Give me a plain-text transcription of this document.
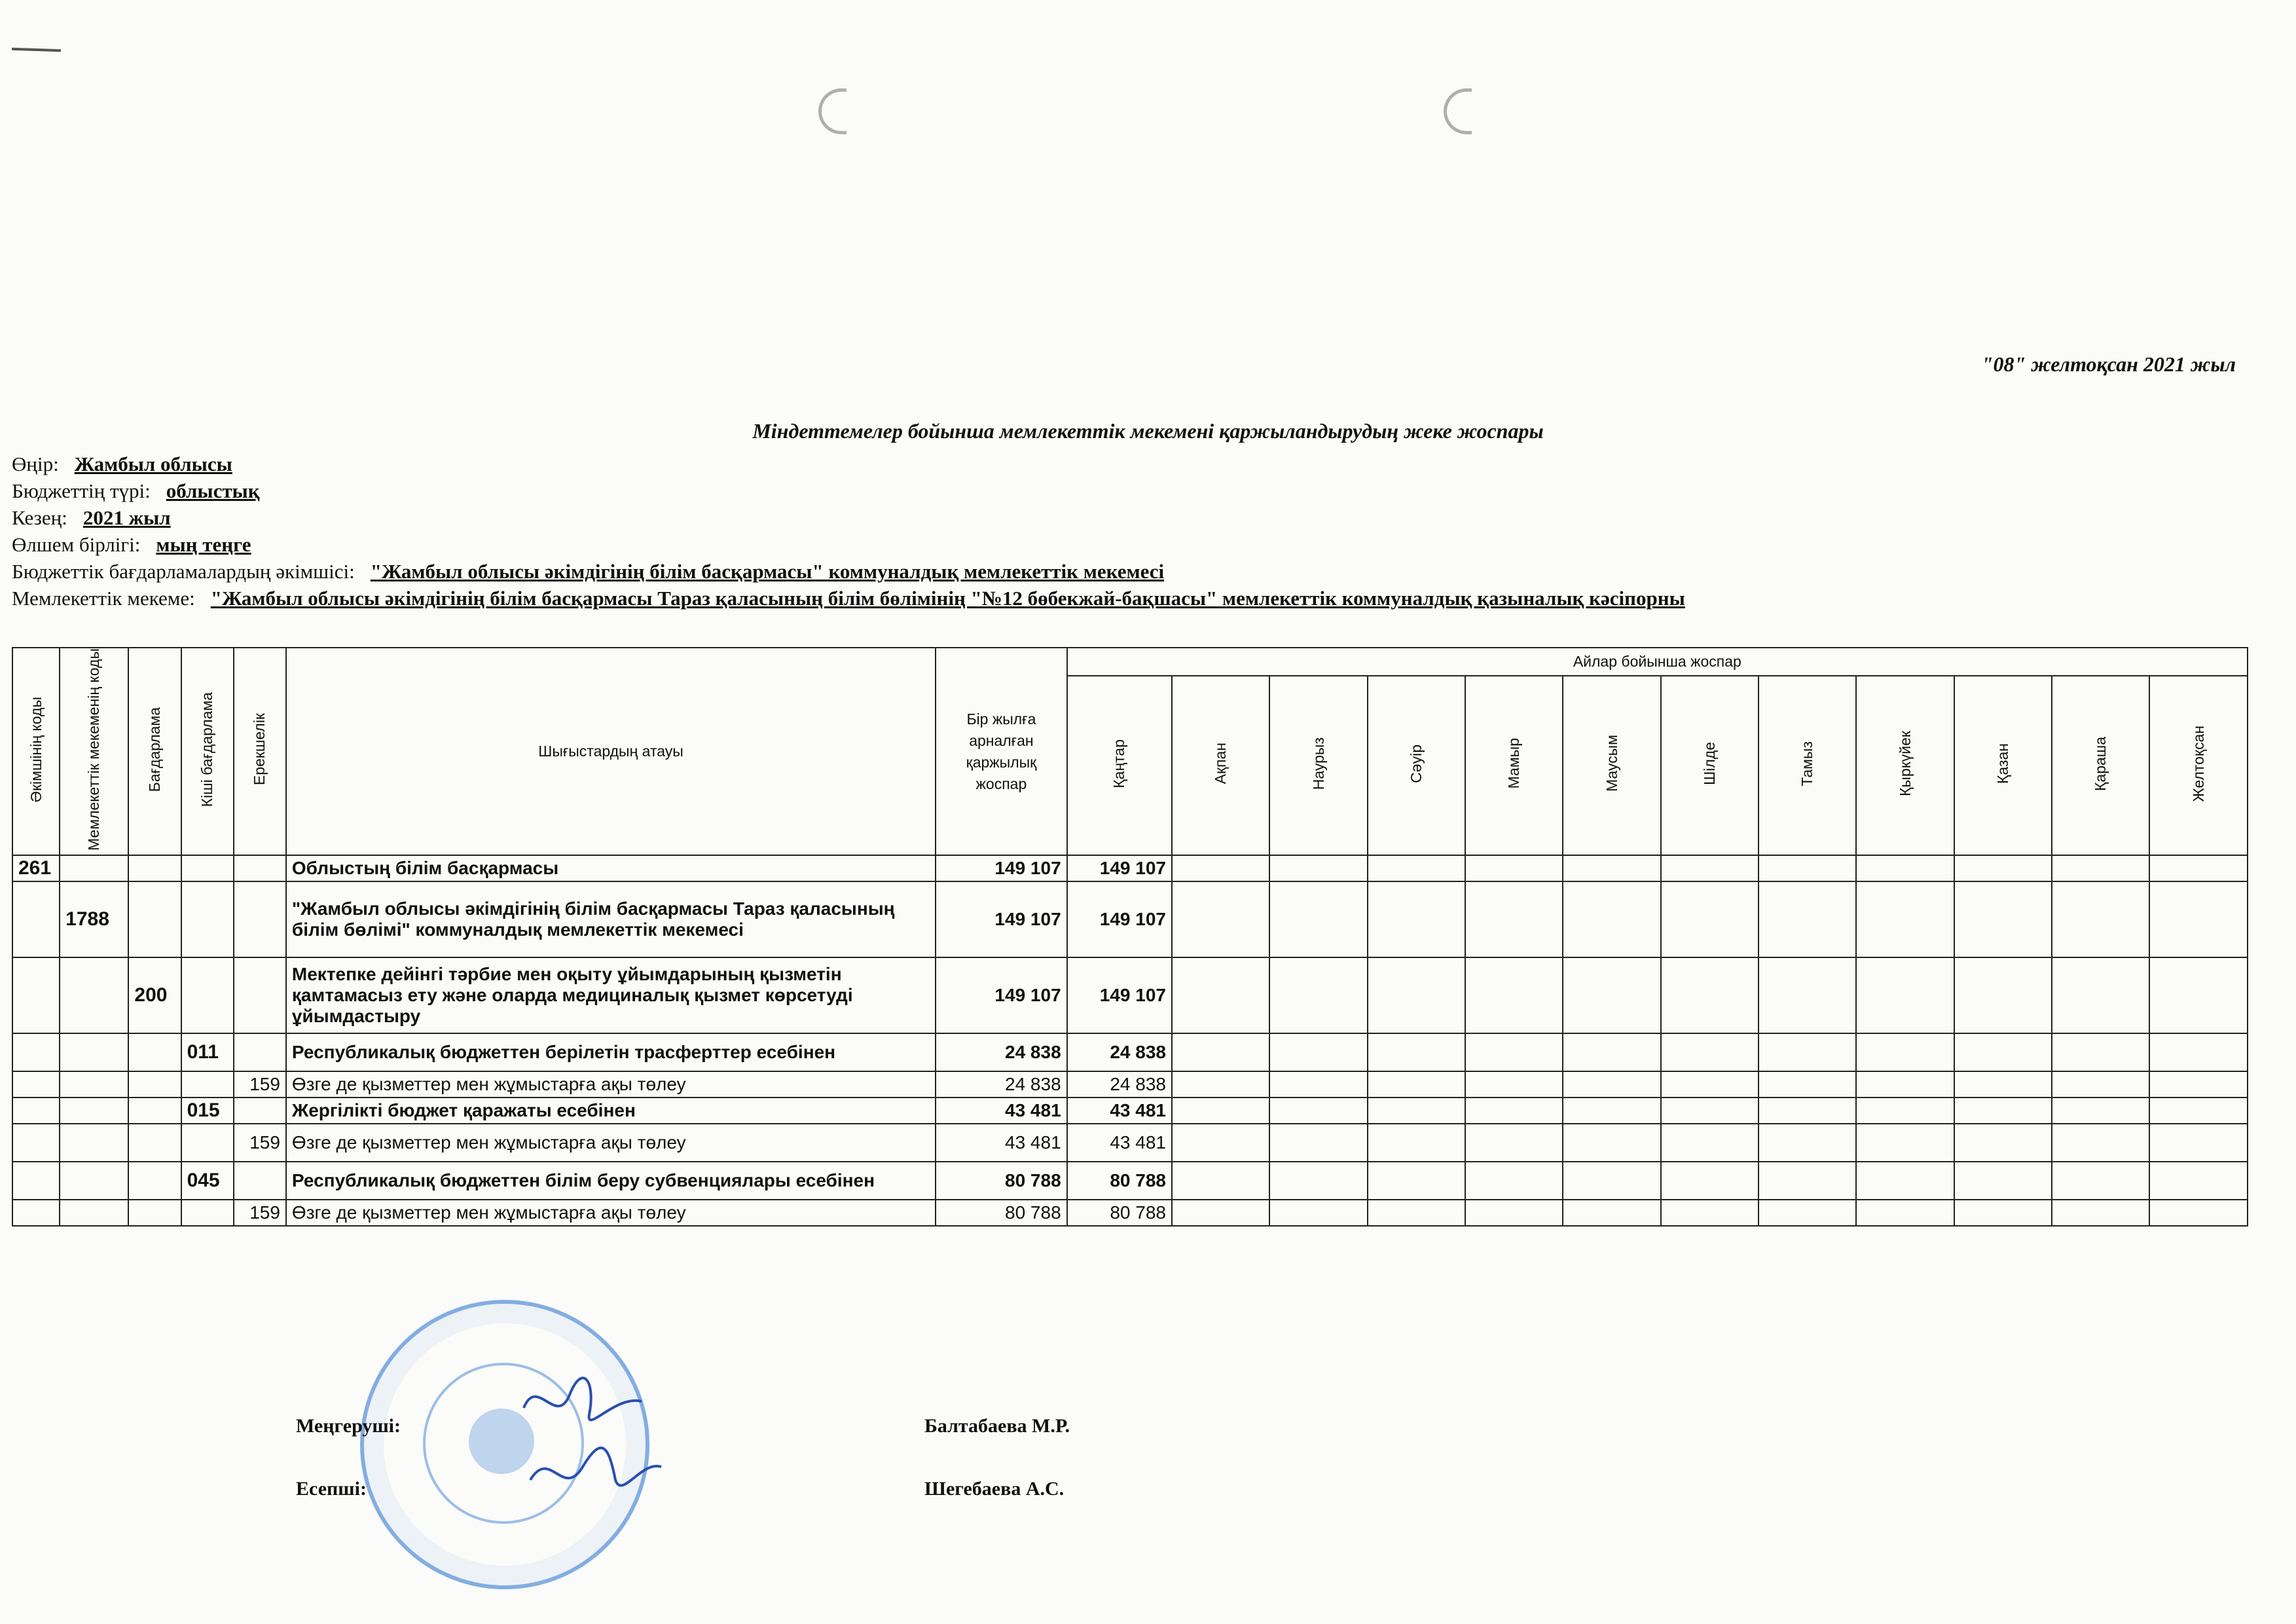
"08" желтоқсан 2021 жыл
Міндеттемелер бойынша мемлекеттік мекемені қаржыландырудың жеке жоспары
Өңір: Жамбыл облысы
Бюджеттің түрі: облыстық
Кезең: 2021 жыл
Өлшем бірлігі: мың теңге
Бюджеттік бағдарламалардың әкімшісі: "Жамбыл облысы әкімдігінің білім басқармасы" коммуналдық мемлекеттік мекемесі
Мемлекеттік мекеме: "Жамбыл облысы әкімдігінің білім басқармасы Тараз қаласының білім бөлімінің "№12 бөбекжай-бақшасы" мемлекеттік коммуналдық қазыналық кәсіпорны
Әкімшінің коды	Мемлекеттік мекеменің коды	Бағдарлама	Кіші бағдарлама	Ерекшелік	Шығыстардың атауы	Бір жылға арналған қаржылық жоспар	Айлар бойынша жоспар											
							Қаңтар	Ақпан	Наурыз	Сәуір	Мамыр	Маусым	Шілде	Тамыз	Қыркүйек	Қазан	Қараша	Желтоқсан
261					Облыстың білім басқармасы	149 107	149 107											
	1788				"Жамбыл облысы әкімдігінің білім басқармасы Тараз қаласының білім бөлімі" коммуналдық мемлекеттік мекемесі	149 107	149 107											
		200			Мектепке дейінгі тәрбие мен оқыту ұйымдарының қызметін қамтамасыз ету және оларда медициналық қызмет көрсетуді ұйымдастыру	149 107	149 107											
			011		Республикалық бюджеттен берілетін трасферттер есебінен	24 838	24 838											
				159	Өзге де қызметтер мен жұмыстарға ақы төлеу	24 838	24 838											
			015		Жергілікті бюджет қаражаты есебінен	43 481	43 481											
				159	Өзге де қызметтер мен жұмыстарға ақы төлеу	43 481	43 481											
			045		Республикалық бюджеттен білім беру субвенциялары есебінен	80 788	80 788											
				159	Өзге де қызметтер мен жұмыстарға ақы төлеу	80 788	80 788											
Меңгеруші:	Балтабаева М.Р.
Есепші:	Шегебаева А.С.
